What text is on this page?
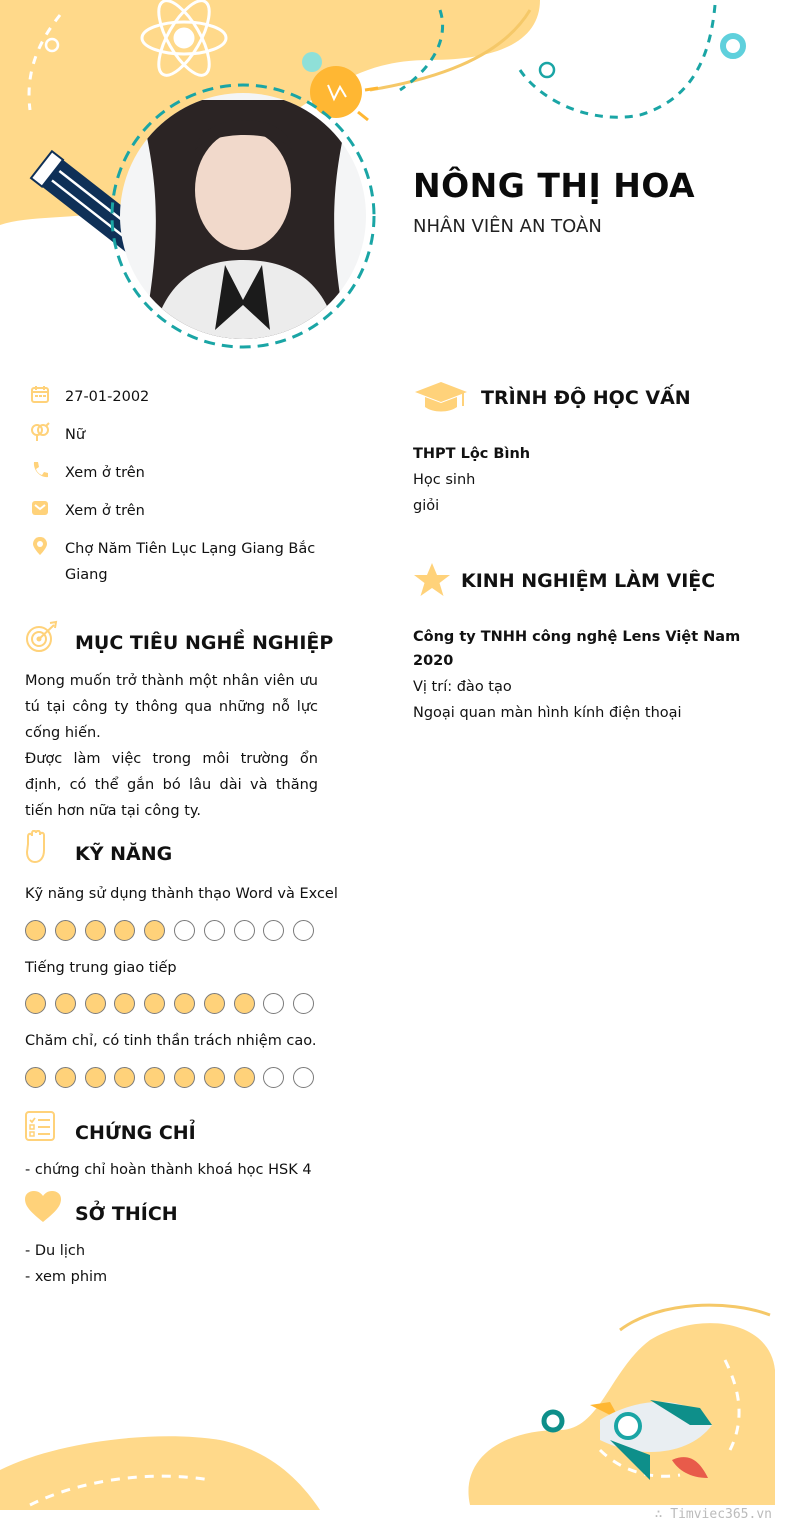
NÔNG THỊ HOA
NHÂN VIÊN AN TOÀN
27-01-2002
Nữ
Xem ở trên
Xem ở trên
Chợ Năm Tiên Lục Lạng Giang Bắc Giang
MỤC TIÊU NGHỀ NGHIỆP

Mong muốn trở thành một nhân viên ưu tú tại công ty thông qua những nỗ lực cống hiến.

Được làm việc trong môi trường ổn định, có thể gắn bó lâu dài và thăng tiến hơn nữa tại công ty.

KỸ NĂNG
Kỹ năng sử dụng thành thạo Word và Excel
Tiếng trung giao tiếp
Chăm chỉ, có tinh thần trách nhiệm cao.
CHỨNG CHỈ
- chứng chỉ hoàn thành khoá học HSK 4
SỞ THÍCH
- Du lịch
- xem phim
TRÌNH ĐỘ HỌC VẤN
THPT Lộc Bình
Học sinh
giỏi
KINH NGHIỆM LÀM VIỆC
Công ty TNHH công nghệ Lens Việt Nam
2020
Vị trí: đào tạo
Ngoại quan màn hình kính điện thoại
∴ Timviec365.vn
